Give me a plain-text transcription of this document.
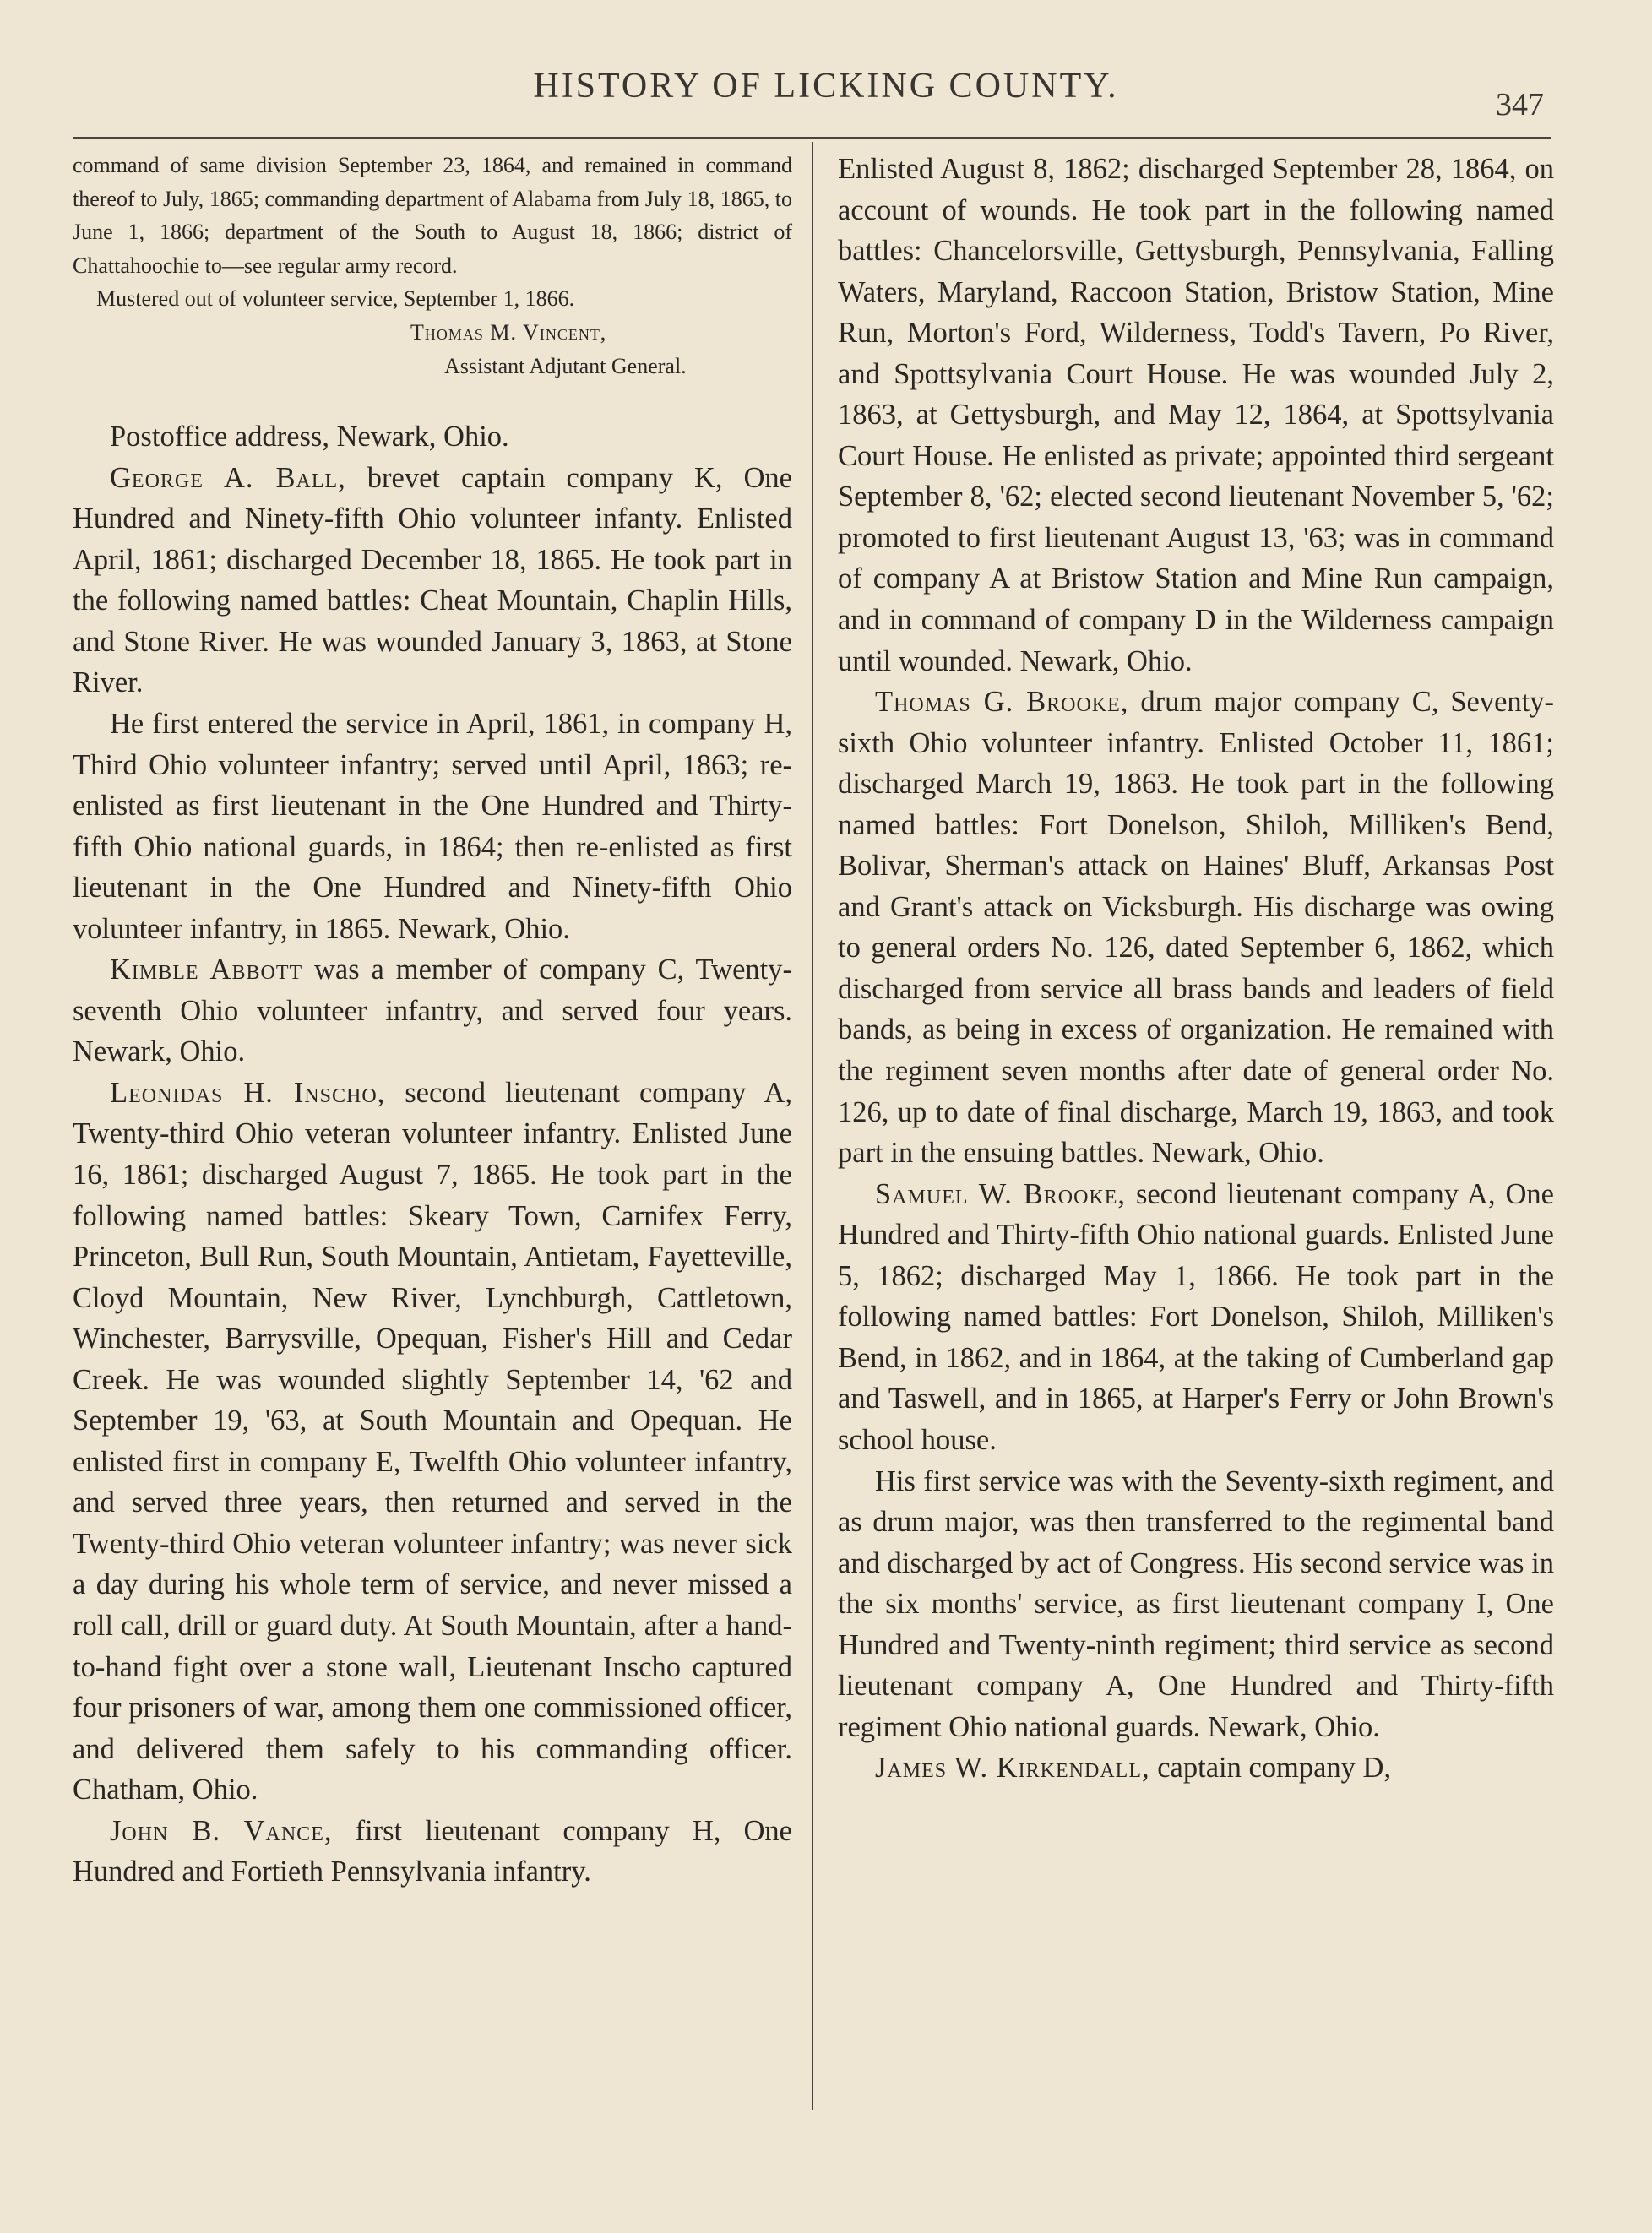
HISTORY OF LICKING COUNTY.	347

command of same division September 23, 1864, and remained in command thereof to July, 1865; commanding department of Alabama from July 18, 1865, to June 1, 1866; department of the South to August 18, 1866; district of Chattahoochie to—see regular army record.

Mustered out of volunteer service, September 1, 1866.

Thomas M. Vincent,

Assistant Adjutant General.

Postoffice address, Newark, Ohio.

George A. Ball, brevet captain company K, One Hundred and Ninety-fifth Ohio volunteer infanty. Enlisted April, 1861; discharged December 18, 1865. He took part in the following named battles: Cheat Mountain, Chaplin Hills, and Stone River. He was wounded January 3, 1863, at Stone River.

He first entered the service in April, 1861, in company H, Third Ohio volunteer infantry; served until April, 1863; re-enlisted as first lieutenant in the One Hundred and Thirty-fifth Ohio national guards, in 1864; then re-enlisted as first lieutenant in the One Hundred and Ninety-fifth Ohio volunteer infantry, in 1865. Newark, Ohio.

Kimble Abbott was a member of company C, Twenty-seventh Ohio volunteer infantry, and served four years. Newark, Ohio.

Leonidas H. Inscho, second lieutenant company A, Twenty-third Ohio veteran volunteer infantry. Enlisted June 16, 1861; discharged August 7, 1865. He took part in the following named battles: Skeary Town, Carnifex Ferry, Princeton, Bull Run, South Mountain, Antietam, Fayetteville, Cloyd Mountain, New River, Lynchburgh, Cattletown, Winchester, Barrysville, Opequan, Fisher's Hill and Cedar Creek. He was wounded slightly September 14, '62 and September 19, '63, at South Mountain and Opequan. He enlisted first in company E, Twelfth Ohio volunteer infantry, and served three years, then returned and served in the Twenty-third Ohio veteran volunteer infantry; was never sick a day during his whole term of service, and never missed a roll call, drill or guard duty. At South Mountain, after a hand-to-hand fight over a stone wall, Lieutenant Inscho captured four prisoners of war, among them one commissioned officer, and delivered them safely to his commanding officer. Chatham, Ohio.

John B. Vance, first lieutenant company H, One Hundred and Fortieth Pennsylvania infantry.

Enlisted August 8, 1862; discharged September 28, 1864, on account of wounds. He took part in the following named battles: Chancelorsville, Gettysburgh, Pennsylvania, Falling Waters, Maryland, Raccoon Station, Bristow Station, Mine Run, Morton's Ford, Wilderness, Todd's Tavern, Po River, and Spottsylvania Court House. He was wounded July 2, 1863, at Gettysburgh, and May 12, 1864, at Spottsylvania Court House. He enlisted as private; appointed third sergeant September 8, '62; elected second lieutenant November 5, '62; promoted to first lieutenant August 13, '63; was in command of company A at Bristow Station and Mine Run campaign, and in command of company D in the Wilderness campaign until wounded. Newark, Ohio.

Thomas G. Brooke, drum major company C, Seventy-sixth Ohio volunteer infantry. Enlisted October 11, 1861; discharged March 19, 1863. He took part in the following named battles: Fort Donelson, Shiloh, Milliken's Bend, Bolivar, Sherman's attack on Haines' Bluff, Arkansas Post and Grant's attack on Vicksburgh. His discharge was owing to general orders No. 126, dated September 6, 1862, which discharged from service all brass bands and leaders of field bands, as being in excess of organization. He remained with the regiment seven months after date of general order No. 126, up to date of final discharge, March 19, 1863, and took part in the ensuing battles. Newark, Ohio.

Samuel W. Brooke, second lieutenant company A, One Hundred and Thirty-fifth Ohio national guards. Enlisted June 5, 1862; discharged May 1, 1866. He took part in the following named battles: Fort Donelson, Shiloh, Milliken's Bend, in 1862, and in 1864, at the taking of Cumberland gap and Taswell, and in 1865, at Harper's Ferry or John Brown's school house.

His first service was with the Seventy-sixth regiment, and as drum major, was then transferred to the regimental band and discharged by act of Congress. His second service was in the six months' service, as first lieutenant company I, One Hundred and Twenty-ninth regiment; third service as second lieutenant company A, One Hundred and Thirty-fifth regiment Ohio national guards. Newark, Ohio.

James W. Kirkendall, captain company D,
